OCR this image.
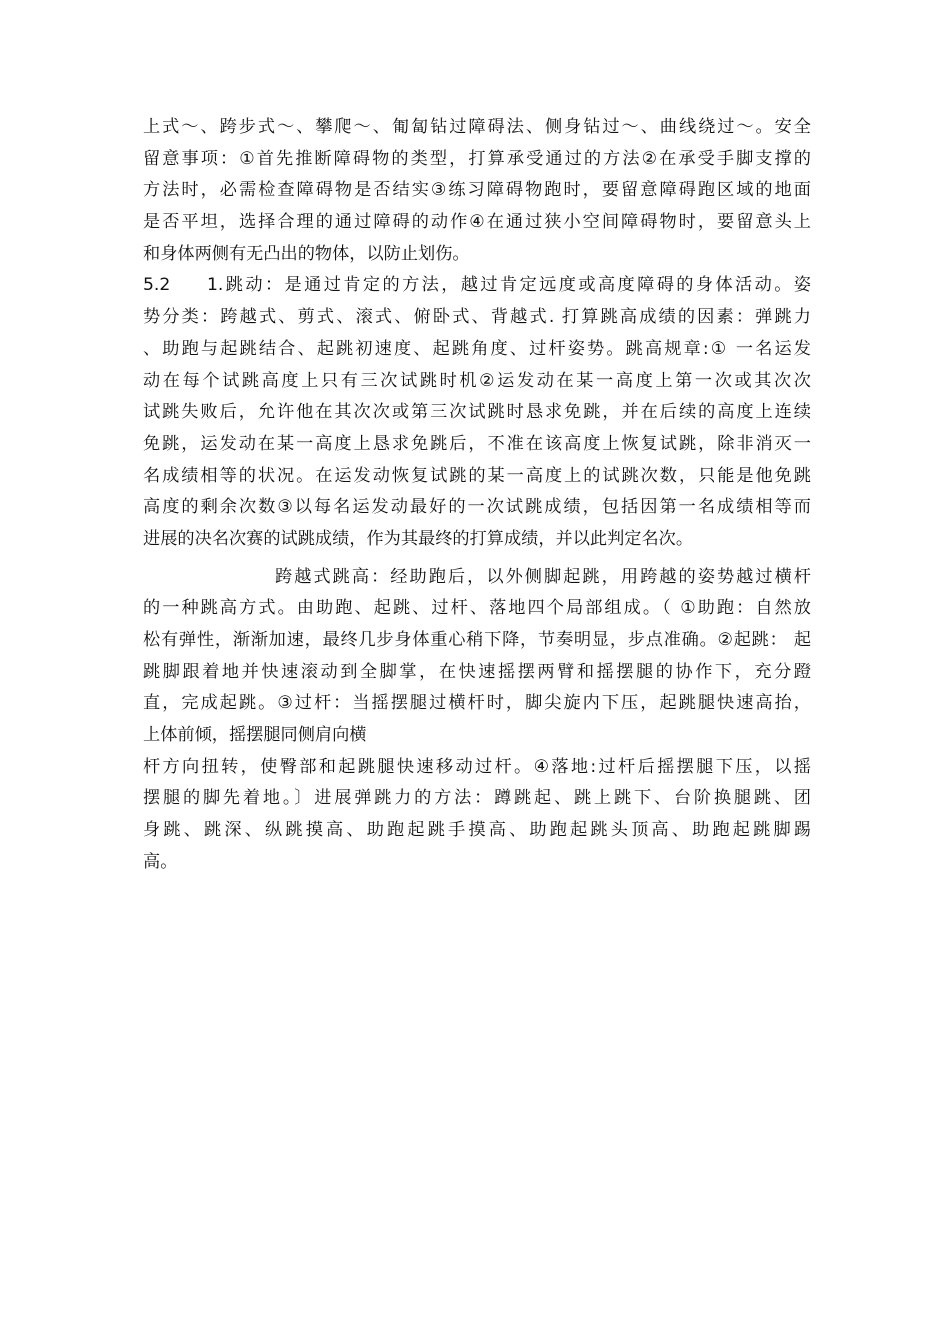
上式～、跨步式～、攀爬～、匍匐钻过障碍法、侧身钻过～、曲线绕过～。安全
留意事项：①首先推断障碍物的类型，打算承受通过的方法②在承受手脚支撑的
方法时，必需检查障碍物是否结实③练习障碍物跑时，要留意障碍跑区域的地面
是否平坦，选择合理的通过障碍的动作④在通过狭小空间障碍物时，要留意头上
和身体两侧有无凸出的物体，以防止划伤。
5.2 1.跳动：是通过肯定的方法，越过肯定远度或高度障碍的身体活动。姿
势分类：跨越式、剪式、滚式、俯卧式、背越式. 打算跳高成绩的因素：弹跳力
、助跑与起跳结合、起跳初速度、起跳角度、过杆姿势。跳高规章:① 一名运发
动在每个试跳高度上只有三次试跳时机②运发动在某一高度上第一次或其次次
试跳失败后，允许他在其次次或第三次试跳时恳求免跳，并在后续的高度上连续
免跳，运发动在某一高度上恳求免跳后，不准在该高度上恢复试跳，除非消灭一
名成绩相等的状况。在运发动恢复试跳的某一高度上的试跳次数，只能是他免跳
高度的剩余次数③以每名运发动最好的一次试跳成绩，包括因第一名成绩相等而
进展的决名次赛的试跳成绩，作为其最终的打算成绩，并以此判定名次。
跨越式跳高：经助跑后，以外侧脚起跳，用跨越的姿势越过横杆
的一种跳高方式。由助跑、起跳、过杆、落地四个局部组成。（ ①助跑：自然放
松有弹性，渐渐加速，最终几步身体重心稍下降，节奏明显，步点准确。②起跳： 起
跳脚跟着地并快速滚动到全脚掌，在快速摇摆两臂和摇摆腿的协作下，充分蹬
直，完成起跳。③过杆：当摇摆腿过横杆时，脚尖旋内下压，起跳腿快速高抬，
上体前倾，摇摆腿同侧肩向横
杆方向扭转，使臀部和起跳腿快速移动过杆。④落地:过杆后摇摆腿下压，以摇
摆腿的脚先着地。〕进展弹跳力的方法：蹲跳起、跳上跳下、台阶换腿跳、团
身跳、跳深、纵跳摸高、助跑起跳手摸高、助跑起跳头顶高、助跑起跳脚踢
高。
